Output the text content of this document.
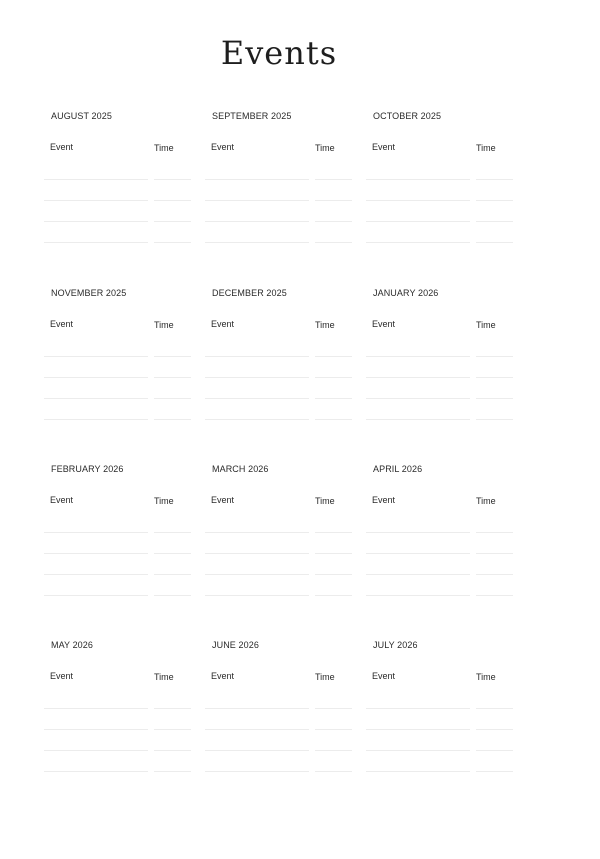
Events
AUGUST 2025
Event	Time
SEPTEMBER 2025
Event	Time
OCTOBER 2025
Event	Time
NOVEMBER 2025
Event	Time
DECEMBER 2025
Event	Time
JANUARY 2026
Event	Time
FEBRUARY 2026
Event	Time
MARCH 2026
Event	Time
APRIL 2026
Event	Time
MAY 2026
Event	Time
JUNE 2026
Event	Time
JULY 2026
Event	Time
